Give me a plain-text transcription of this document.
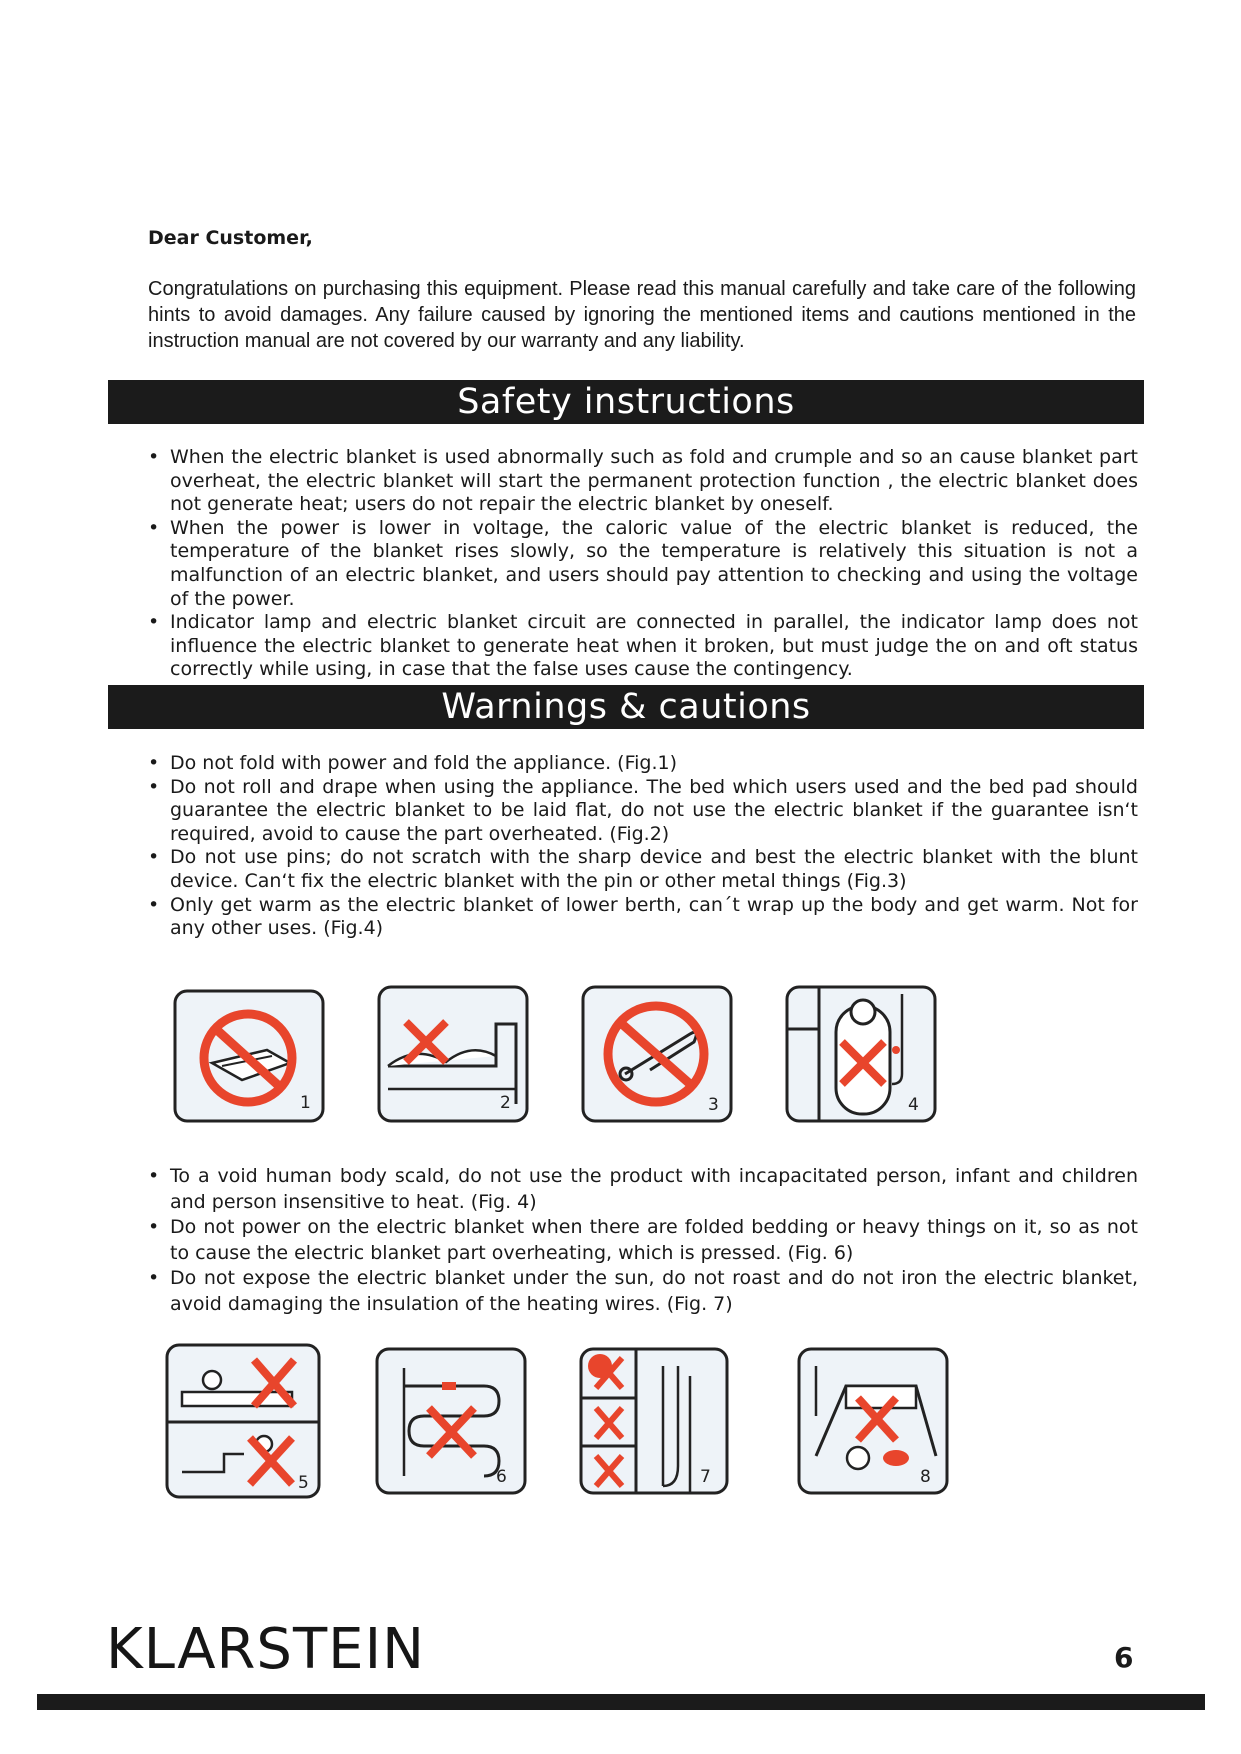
Dear Customer,

Congratulations on purchasing this equipment. Please read this manual carefully and take care of the following hints to avoid damages. Any failure caused by ignoring the mentioned items and cautions mentioned in the instruction manual are not covered by our warranty and any liability.

Safety instructions
• When the electric blanket is used abnormally such as fold and crumple and so an cause blanket part overheat, the electric blanket will start the permanent protection function , the electric blanket does not generate heat; users do not repair the electric blanket by oneself.
• When the power is lower in voltage, the caloric value of the electric blanket is reduced, the temperature of the blanket rises slowly, so the temperature is relatively this situation is not a malfunction of an electric blanket, and users should pay attention to checking and using the voltage of the power.
• Indicator lamp and electric blanket circuit are connected in parallel, the indicator lamp does not influence the electric blanket to generate heat when it broken, but must judge the on and oft status correctly while using, in case that the false uses cause the contingency.
Warnings & cautions
• Do not fold with power and fold the appliance. (Fig.1)
• Do not roll and drape when using the appliance. The bed which users used and the bed pad should guarantee the electric blanket to be laid flat, do not use the electric blanket if the guarantee isn‘t required, avoid to cause the part overheated. (Fig.2)
• Do not use pins; do not scratch with the sharp device and best the electric blanket with the blunt device. Can‘t fix the electric blanket with the pin or other metal things (Fig.3)
• Only get warm as the electric blanket of lower berth, can´t wrap up the body and get warm. Not for any other uses. (Fig.4)
1	2	3	4
• To a void human body scald, do not use the product with incapacitated person, infant and children and person insensitive to heat. (Fig. 4)
• Do not power on the electric blanket when there are folded bedding or heavy things on it, so as not to cause the electric blanket part overheating, which is pressed. (Fig. 6)
• Do not expose the electric blanket under the sun, do not roast and do not iron the electric blanket, avoid damaging the insulation of the heating wires. (Fig. 7)
5	6	7	8

KLARSTEIN	6
